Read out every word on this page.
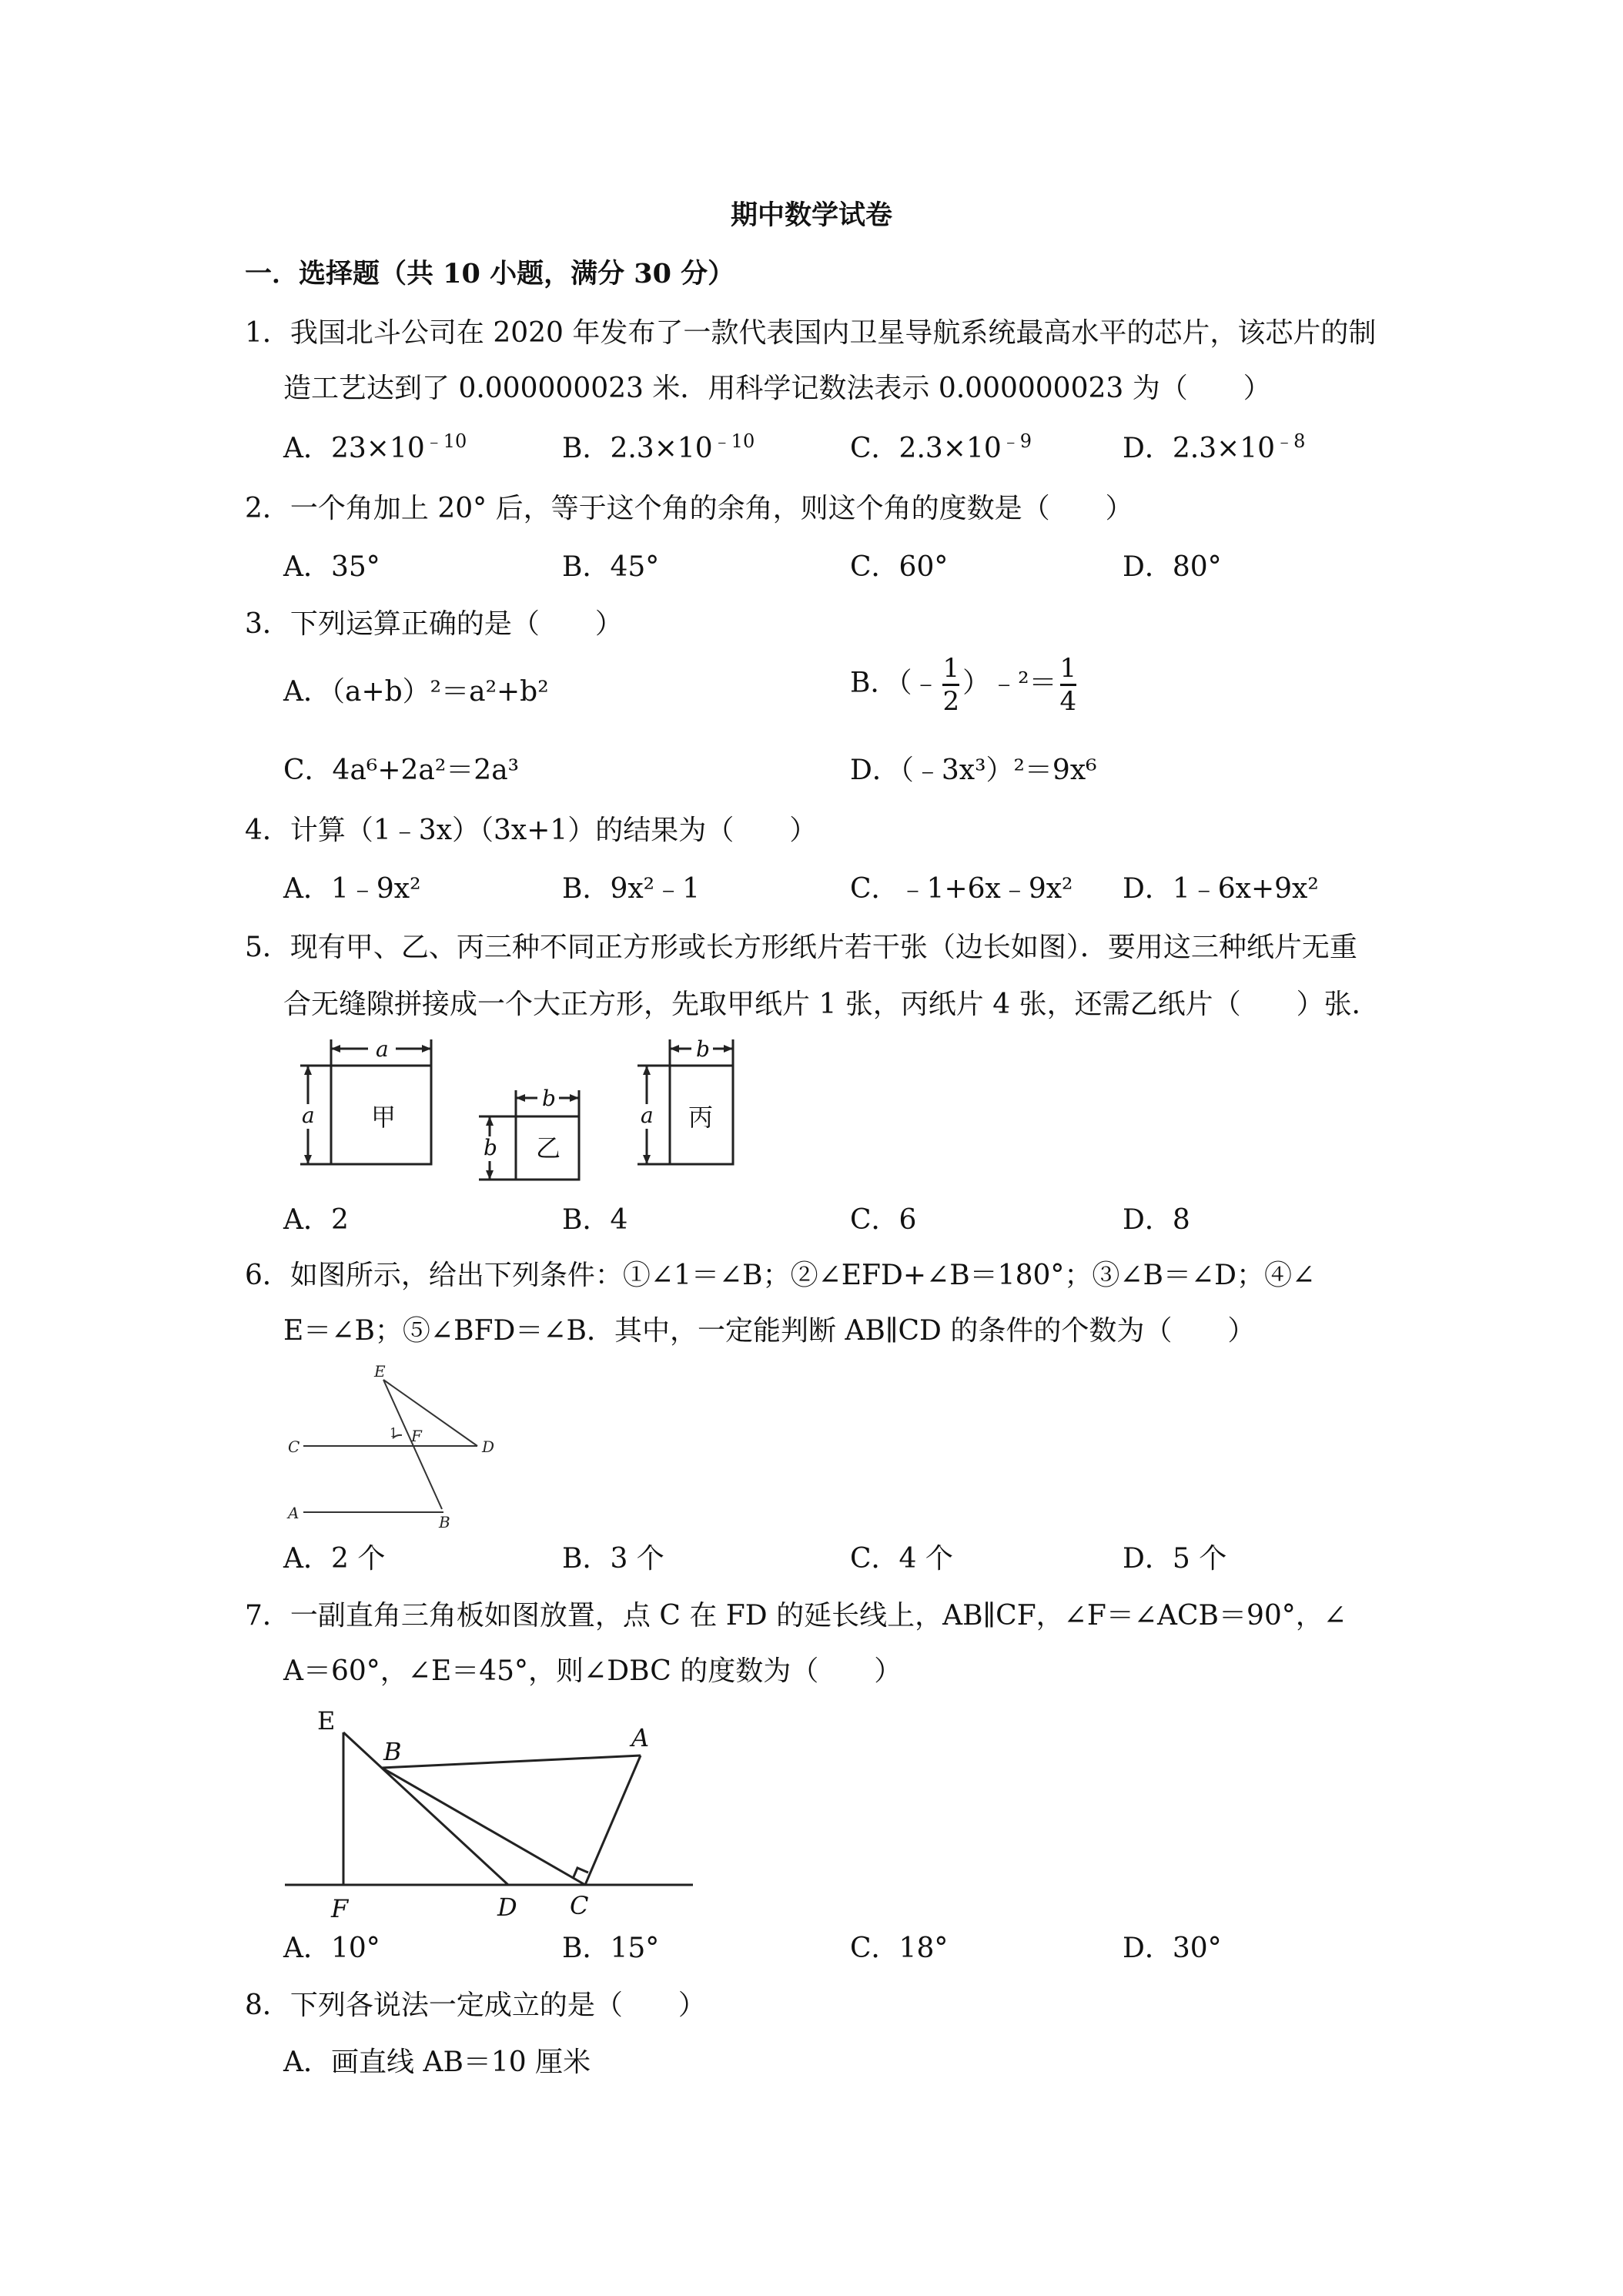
期中数学试卷
一．选择题（共 10 小题，满分 30 分）
1．我国北斗公司在 2020 年发布了一款代表国内卫星导航系统最高水平的芯片，该芯片的制
造工艺达到了 0.000000023 米．用科学记数法表示 0.000000023 为（　　）
A．$23\times 10^{﹣10}$	B．$2.3\times 10^{﹣10}$	C．$2.3\times 10^{﹣9}$	D．$2.3\times 10^{﹣8}$
2．一个角加上 20° 后，等于这个角的余角，则这个角的度数是（　　）
A．35°	B．45°	C．60°	D．80°
3．下列运算正确的是（　　）
A．（a+b）²＝a²+b²	B．（﹣ $\frac{1}{2}$ ）﹣²＝ $\frac{1}{4}$
C．4a⁶+2a²＝2a³	D．（﹣3x³）²＝9x⁶
4．计算（1﹣3x）（3x+1）的结果为（　　）
A．1﹣9x²	B．9x²﹣1	C．﹣1+6x﹣9x² D．1﹣6x+9x²
5．现有甲、乙、丙三种不同正方形或长方形纸片若干张（边长如图）．要用这三种纸片无重
合无缝隙拼接成一个大正方形，先取甲纸片 1 张，丙纸片 4 张，还需乙纸片（　　）张．
a
a 甲
b
b 乙
b
a 丙
A．2	B．4	C．6	D．8
6．如图所示，给出下列条件：①∠1＝∠B；②∠EFD+∠B＝180°；③∠B＝∠D；④∠
E＝∠B；⑤∠BFD＝∠B．其中，一定能判断 AB∥CD 的条件的个数为（　　）
E
F
C	D
A	B
1
A．2 个	B．3 个	C．4 个	D．5 个
7．一副直角三角板如图放置，点 C 在 FD 的延长线上，AB∥CF，∠F＝∠ACB＝90°，∠
A＝60°，∠E＝45°，则∠DBC 的度数为（　　）
E
B	A
F	D C
A．10°	B．15°	C．18°	D．30°
8．下列各说法一定成立的是（　　）
A．画直线 AB＝10 厘米
